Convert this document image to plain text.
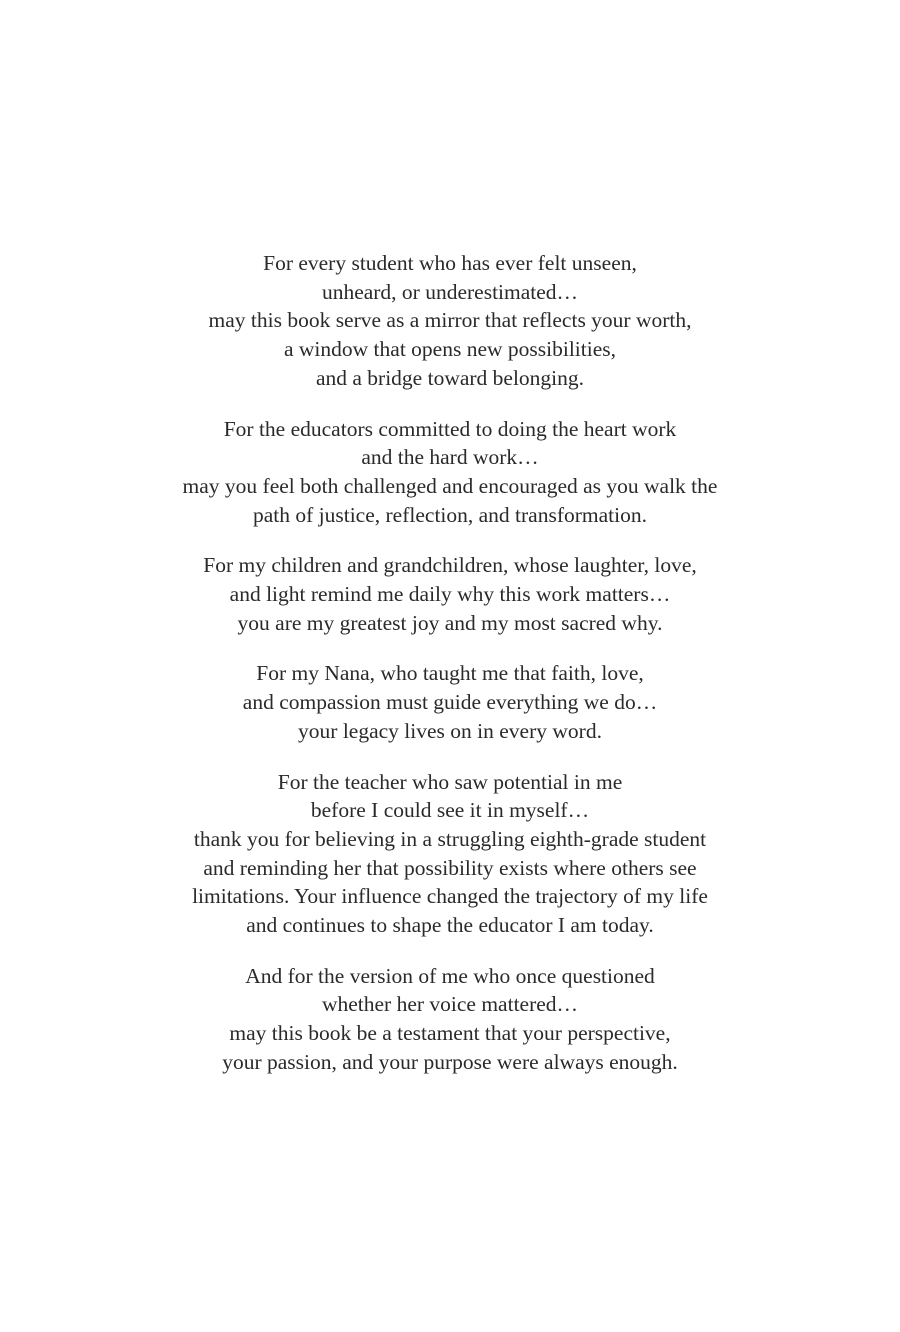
For every student who has ever felt unseen,
unheard, or underestimated…
may this book serve as a mirror that reflects your worth,
a window that opens new possibilities,
and a bridge toward belonging.
For the educators committed to doing the heart work
and the hard work…
may you feel both challenged and encouraged as you walk the
path of justice, reflection, and transformation.
For my children and grandchildren, whose laughter, love,
and light remind me daily why this work matters…
you are my greatest joy and my most sacred why.
For my Nana, who taught me that faith, love,
and compassion must guide everything we do…
your legacy lives on in every word.
For the teacher who saw potential in me
before I could see it in myself…
thank you for believing in a struggling eighth-grade student
and reminding her that possibility exists where others see
limitations. Your influence changed the trajectory of my life
and continues to shape the educator I am today.
And for the version of me who once questioned
whether her voice mattered…
may this book be a testament that your perspective,
your passion, and your purpose were always enough.
